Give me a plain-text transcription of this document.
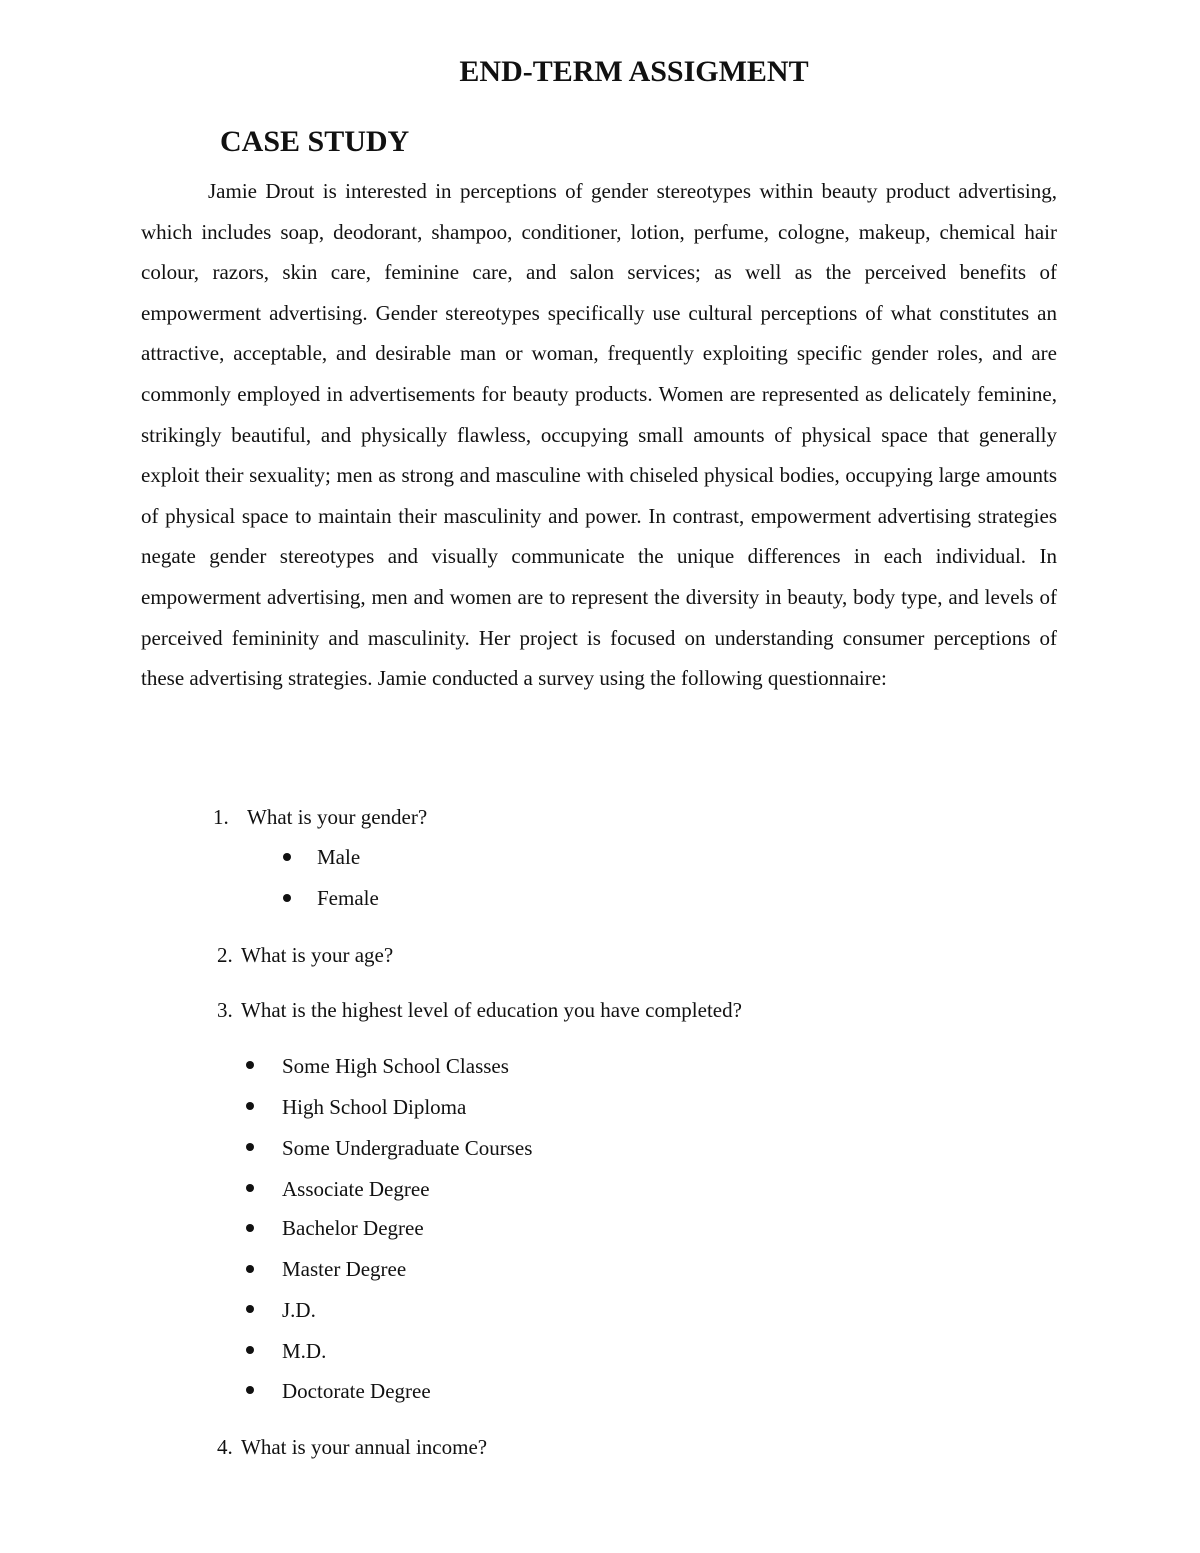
END-TERM ASSIGMENT
CASE STUDY

Jamie Drout is interested in perceptions of gender stereotypes within beauty product advertising, which includes soap, deodorant, shampoo, conditioner, lotion, perfume, cologne, makeup, chemical hair colour, razors, skin care, feminine care, and salon services; as well as the perceived benefits of empowerment advertising. Gender stereotypes specifically use cultural perceptions of what constitutes an attractive, acceptable, and desirable man or woman, frequently exploiting specific gender roles, and are commonly employed in advertisements for beauty products. Women are represented as delicately feminine, strikingly beautiful, and physically flawless, occupying small amounts of physical space that generally exploit their sexuality; men as strong and masculine with chiseled physical bodies, occupying large amounts of physical space to maintain their masculinity and power. In contrast, empowerment advertising strategies negate gender stereotypes and visually communicate the unique differences in each individual. In empowerment advertising, men and women are to represent the diversity in beauty, body type, and levels of perceived femininity and masculinity. Her project is focused on understanding consumer perceptions of these advertising strategies. Jamie conducted a survey using the following questionnaire:

1. What is your gender?
Male
Female
2. What is your age?
3. What is the highest level of education you have completed?
Some High School Classes
High School Diploma
Some Undergraduate Courses
Associate Degree
Bachelor Degree
Master Degree
J.D.
M.D.
Doctorate Degree
4. What is your annual income?
